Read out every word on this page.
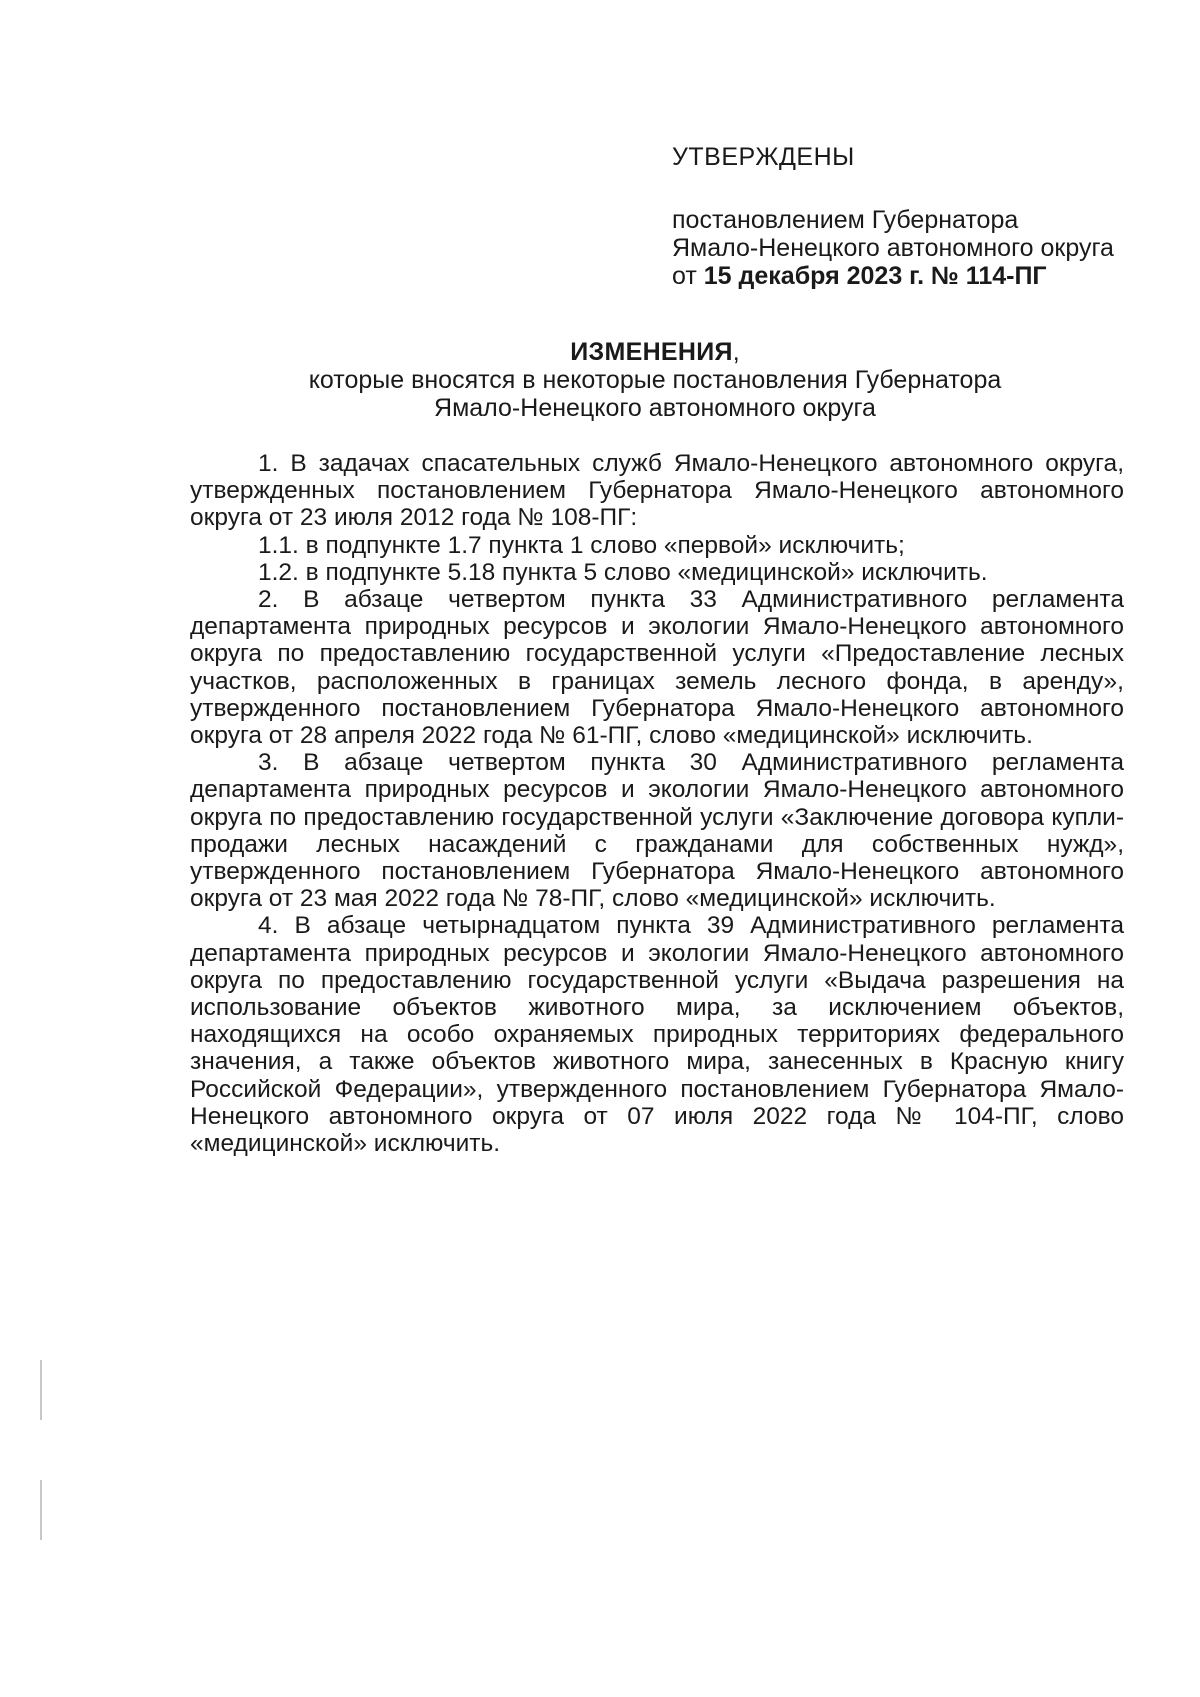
УТВЕРЖДЕНЫ
постановлением Губернатора
Ямало-Ненецкого автономного округа
от 15 декабря 2023 г. № 114-ПГ
ИЗМЕНЕНИЯ,
которые вносятся в некоторые постановления Губернатора
Ямало-Ненецкого автономного округа

1. В задачах спасательных служб Ямало-Ненецкого автономного округа, утвержденных постановлением Губернатора Ямало-Ненецкого автономного округа от 23 июля 2012 года № 108-ПГ:

1.1. в подпункте 1.7 пункта 1 слово «первой» исключить;

1.2. в подпункте 5.18 пункта 5 слово «медицинской» исключить.

2. В абзаце четвертом пункта 33 Административного регламента департамента природных ресурсов и экологии Ямало-Ненецкого автономного округа по предоставлению государственной услуги «Предоставление лесных участков, расположенных в границах земель лесного фонда, в аренду», утвержденного постановлением Губернатора Ямало-Ненецкого автономного округа от 28 апреля 2022 года № 61-ПГ, слово «медицинской» исключить.

3. В абзаце четвертом пункта 30 Административного регламента департамента природных ресурсов и экологии Ямало-Ненецкого автономного округа по предоставлению государственной услуги «Заключение договора купли-продажи лесных насаждений с гражданами для собственных нужд», утвержденного постановлением Губернатора Ямало-Ненецкого автономного округа от 23 мая 2022 года № 78-ПГ, слово «медицинской» исключить.

4. В абзаце четырнадцатом пункта 39 Административного регламента департамента природных ресурсов и экологии Ямало-Ненецкого автономного округа по предоставлению государственной услуги «Выдача разрешения на использование объектов животного мира, за исключением объектов, находящихся на особо охраняемых природных территориях федерального значения, а также объектов животного мира, занесенных в Красную книгу Российской Федерации», утвержденного постановлением Губернатора Ямало-Ненецкого автономного округа от 07 июля 2022 года № 104-ПГ, слово «медицинской» исключить.
